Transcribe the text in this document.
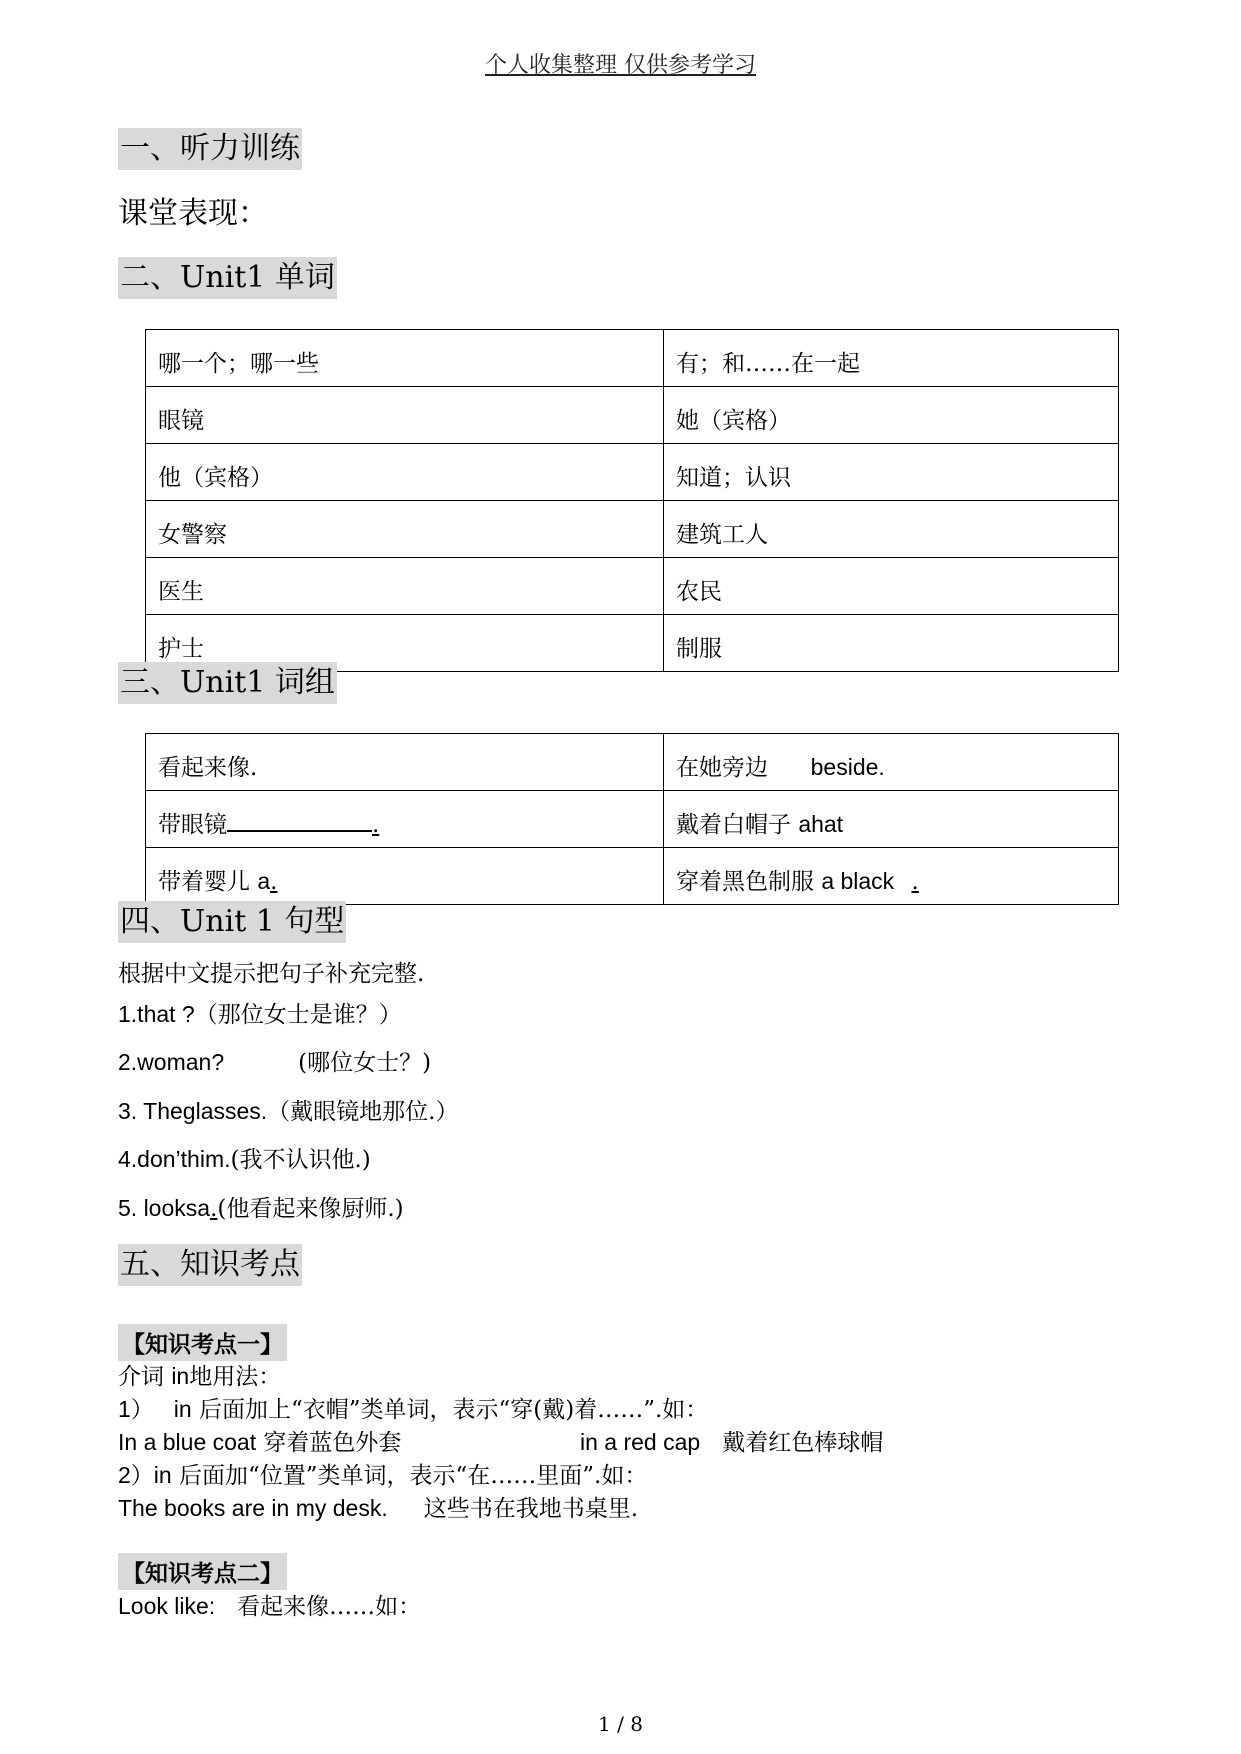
个人收集整理 仅供参考学习
一、听力训练
课堂表现：
二、Unit1 单词
哪一个；哪一些	有；和……在一起
眼镜	她（宾格）
他（宾格）	知道；认识
女警察	建筑工人
医生	农民
护士	制服
三、Unit1 词组
看起来像.	在她旁边 beside.
带眼镜 .	戴着白帽子 ahat
带着婴儿 a.	穿着黑色制服 a black .
四、Unit 1 句型
根据中文提示把句子补充完整.
1.that ?（那位女士是谁？）
2.woman?	(哪位女士？)
3. Theglasses.（戴眼镜地那位.）
4.don’thim.(我不认识他.)
5. looksa.(他看起来像厨师.)
五、知识考点
【知识考点一】
介词 in地用法：
1） in 后面加上“衣帽”类单词，表示“穿(戴)着……”.如：
In a blue coat 穿着蓝色外套	in a red cap 戴着红色棒球帽
2）in 后面加“位置”类单词，表示“在……里面”.如：
The books are in my desk. 这些书在我地书桌里.
【知识考点二】
Look like: 看起来像……如：
1 / 8
